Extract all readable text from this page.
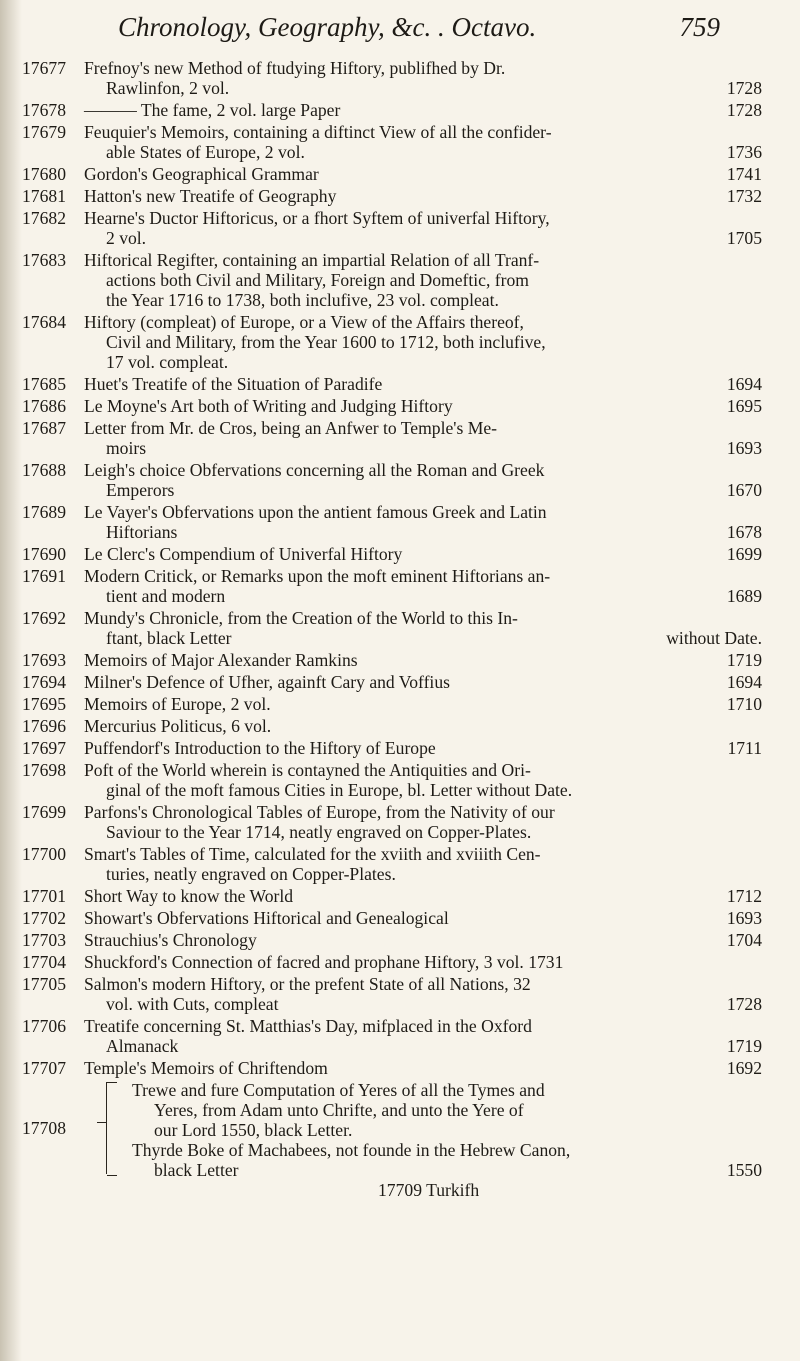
Chronology, Geography, &c. . Octavo.	759
17677	Frefnoy's new Method of ftudying Hiftory, publifhed by Dr.
Rawlinfon, 2 vol.	1728
17678	——— The fame, 2 vol. large Paper	1728
17679	Feuquier's Memoirs, containing a diftinct View of all the confider-
able States of Europe, 2 vol.	1736
17680	Gordon's Geographical Grammar	1741
17681	Hatton's new Treatife of Geography	1732
17682	Hearne's Ductor Hiftoricus, or a fhort Syftem of univerfal Hiftory,
2 vol.	1705
17683	Hiftorical Regifter, containing an impartial Relation of all Tranf-
actions both Civil and Military, Foreign and Domeftic, from
the Year 1716 to 1738, both inclufive, 23 vol. compleat.
17684	Hiftory (compleat) of Europe, or a View of the Affairs thereof,
Civil and Military, from the Year 1600 to 1712, both inclufive,
17 vol. compleat.
17685	Huet's Treatife of the Situation of Paradife	1694
17686	Le Moyne's Art both of Writing and Judging Hiftory	1695
17687	Letter from Mr. de Cros, being an Anfwer to Temple's Me-
moirs	1693
17688	Leigh's choice Obfervations concerning all the Roman and Greek
Emperors	1670
17689	Le Vayer's Obfervations upon the antient famous Greek and Latin
Hiftorians	1678
17690	Le Clerc's Compendium of Univerfal Hiftory	1699
17691	Modern Critick, or Remarks upon the moft eminent Hiftorians an-
tient and modern	1689
17692	Mundy's Chronicle, from the Creation of the World to this In-
ftant, black Letter	without Date.
17693	Memoirs of Major Alexander Ramkins	1719
17694	Milner's Defence of Ufher, againft Cary and Voffius	1694
17695	Memoirs of Europe, 2 vol.	1710
17696	Mercurius Politicus, 6 vol.
17697	Puffendorf's Introduction to the Hiftory of Europe	1711
17698	Poft of the World wherein is contayned the Antiquities and Ori-
ginal of the moft famous Cities in Europe, bl. Letter without Date.
17699	Parfons's Chronological Tables of Europe, from the Nativity of our
Saviour to the Year 1714, neatly engraved on Copper-Plates.
17700	Smart's Tables of Time, calculated for the xviith and xviiith Cen-
turies, neatly engraved on Copper-Plates.
17701	Short Way to know the World	1712
17702	Showart's Obfervations Hiftorical and Genealogical	1693
17703	Strauchius's Chronology	1704
17704	Shuckford's Connection of facred and prophane Hiftory, 3 vol. 1731
17705	Salmon's modern Hiftory, or the prefent State of all Nations, 32
vol. with Cuts, compleat	1728
17706	Treatife concerning St. Matthias's Day, mifplaced in the Oxford
Almanack	1719
17707	Temple's Memoirs of Chriftendom	1692
17708
Trewe and fure Computation of Yeres of all the Tymes and
Yeres, from Adam unto Chrifte, and unto the Yere of
our Lord 1550, black Letter.
Thyrde Boke of Machabees, not founde in the Hebrew Canon,
black Letter	1550
17709 Turkifh
